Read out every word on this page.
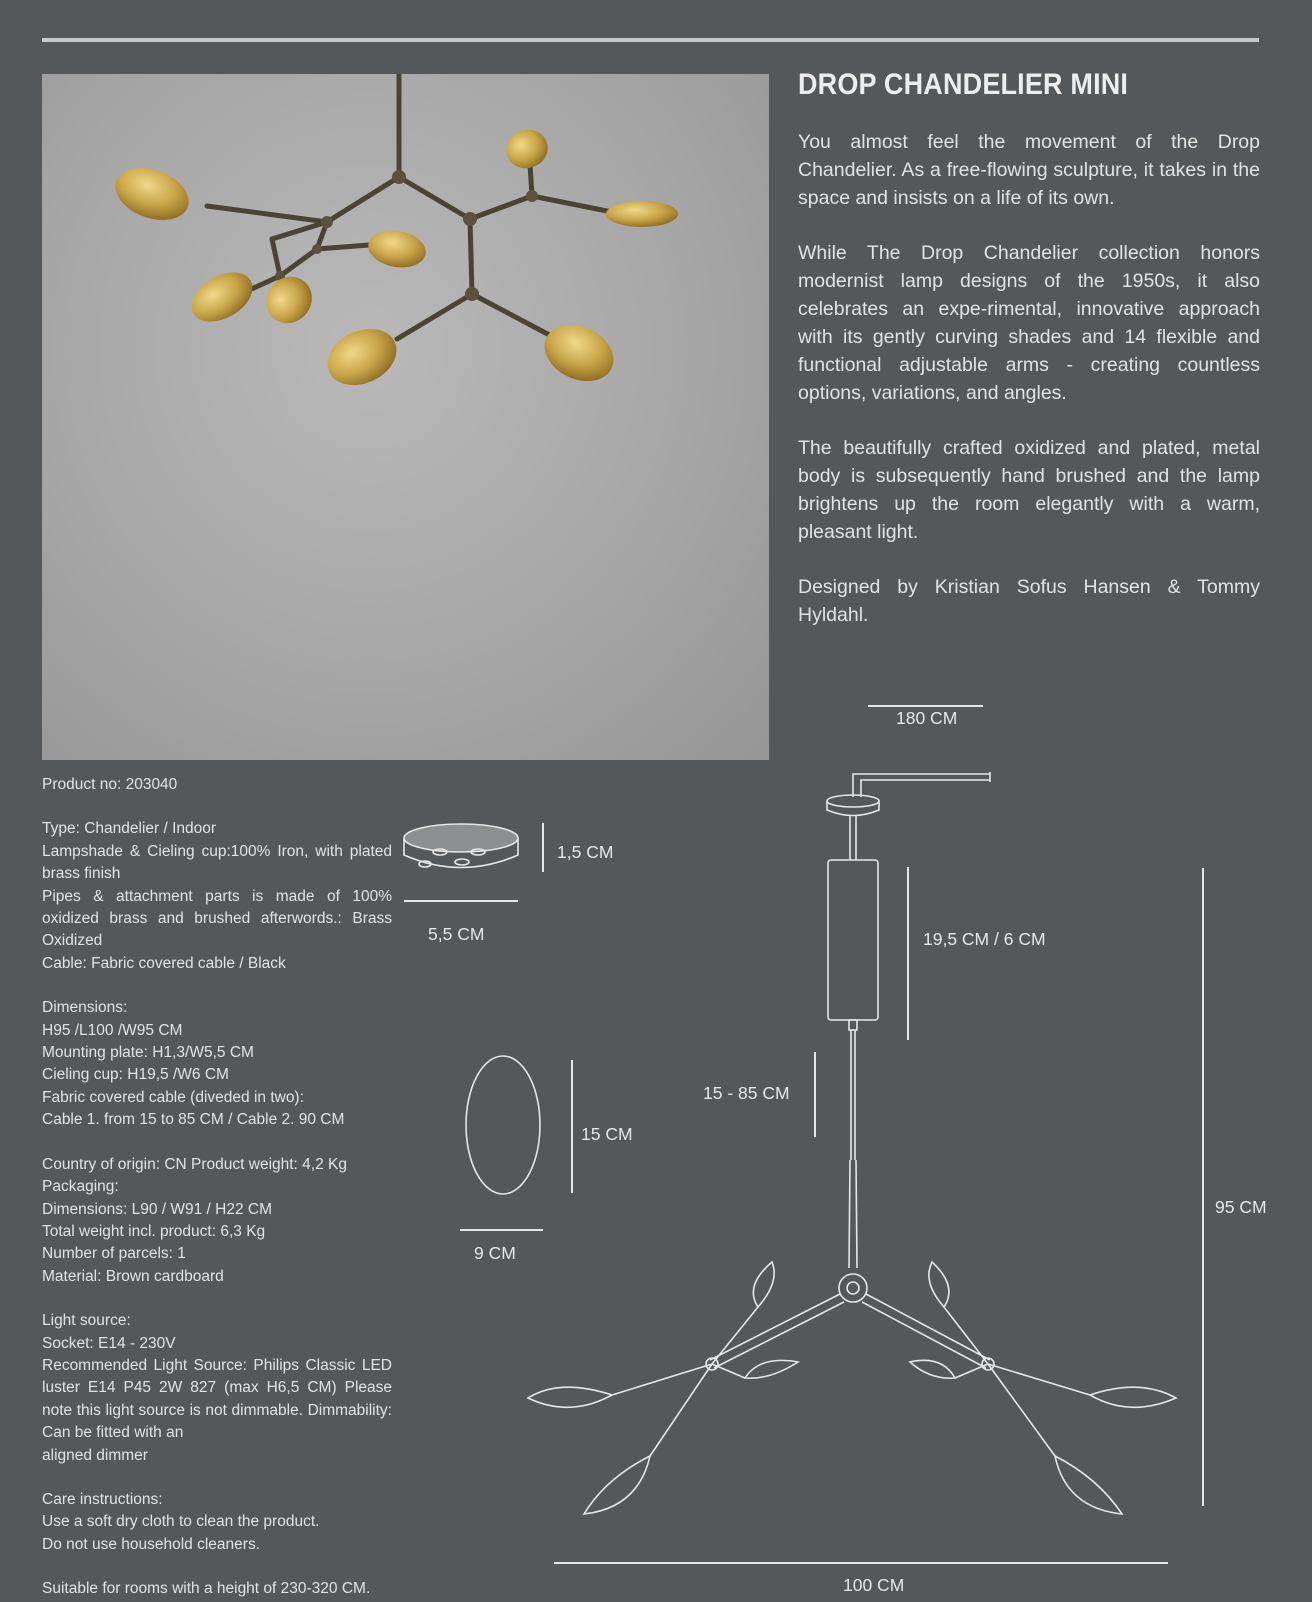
DROP CHANDELIER MINI

You almost feel the movement of the Drop Chandelier. As a free-flowing sculpture, it takes in the space and insists on a life of its own.

While The Drop Chandelier collection honors modernist lamp designs of the 1950s, it also celebrates an expe-rimental, innovative approach with its gently curving shades and 14 flexible and functional adjustable arms - creating countless options, variations, and angles.

The beautifully crafted oxidized and plated, metal body is subsequently hand brushed and the lamp brightens up the room elegantly with a warm, pleasant light.

Designed by Kristian Sofus Hansen & Tommy Hyldahl.

Product no: 203040
Type: Chandelier / Indoor
Lampshade & Cieling cup:100% Iron, with plated brass finish
Pipes & attachment parts is made of 100% oxidized brass and brushed afterwords.: Brass Oxidized
Cable: Fabric covered cable / Black
Dimensions:
H95 /L100 /W95 CM
Mounting plate: H1,3/W5,5 CM
Cieling cup: H19,5 /W6 CM
Fabric covered cable (diveded in two):
Cable 1. from 15 to 85 CM / Cable 2. 90 CM
Country of origin: CN Product weight: 4,2 Kg
Packaging:
Dimensions: L90 / W91 / H22 CM
Total weight incl. product: 6,3 Kg
Number of parcels: 1
Material: Brown cardboard
Light source:
Socket: E14 - 230V
Recommended Light Source: Philips Classic LED luster E14 P45 2W 827 (max H6,5 CM) Please note this light source is not dimmable. Dimmability: Can be fitted with an
aligned dimmer
Care instructions:
Use a soft dry cloth to clean the product.
Do not use household cleaners.
Suitable for rooms with a height of 230-320 CM.
1,5 CM
5,5 CM
180 CM
19,5 CM / 6 CM
15 - 85 CM
15 CM
9 CM
95 CM
100 CM
